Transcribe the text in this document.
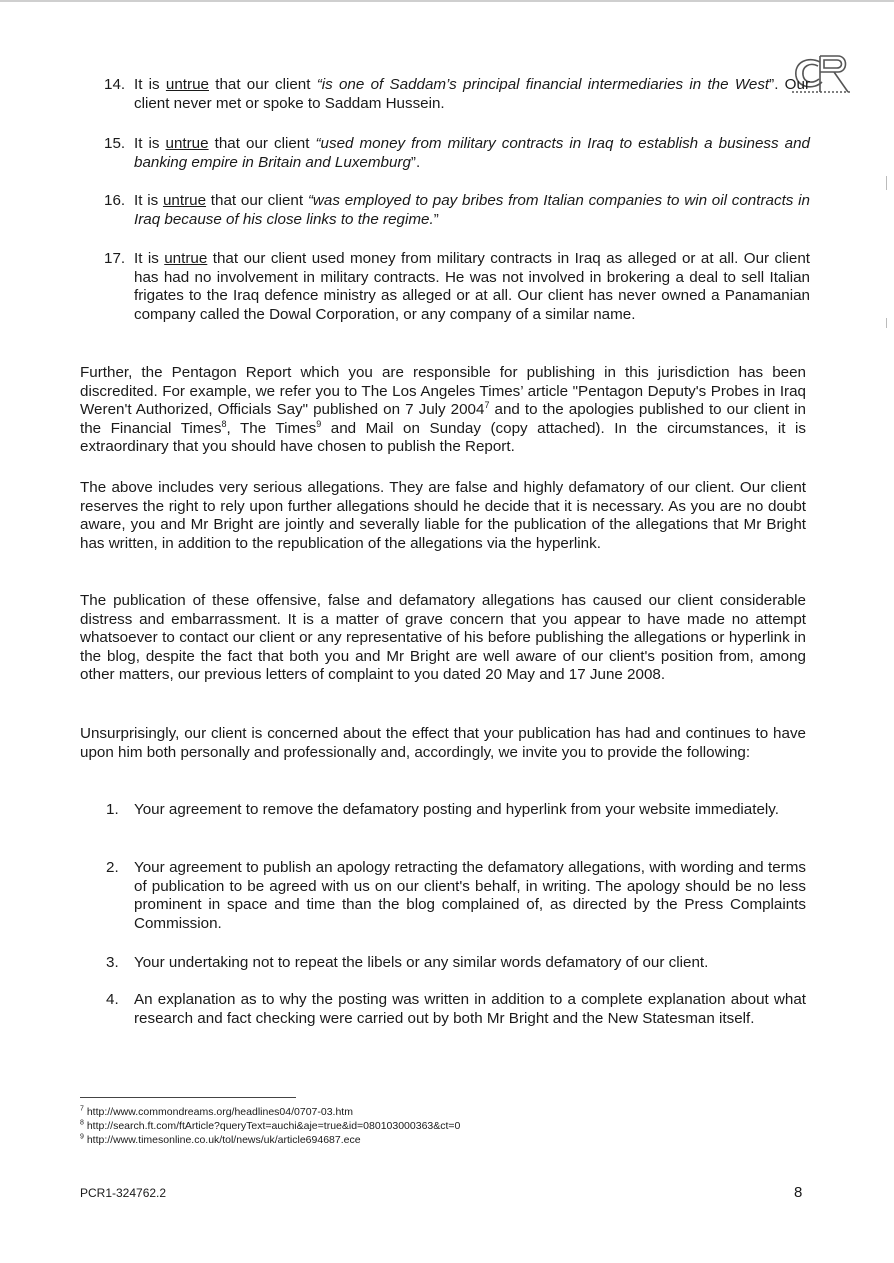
14. It is untrue that our client “is one of Saddam’s principal financial intermediaries in the West”. Our client never met or spoke to Saddam Hussein.
15. It is untrue that our client “used money from military contracts in Iraq to establish a business and banking empire in Britain and Luxemburg”.
16. It is untrue that our client “was employed to pay bribes from Italian companies to win oil contracts in Iraq because of his close links to the regime.”
17. It is untrue that our client used money from military contracts in Iraq as alleged or at all. Our client has had no involvement in military contracts. He was not involved in brokering a deal to sell Italian frigates to the Iraq defence ministry as alleged or at all. Our client has never owned a Panamanian company called the Dowal Corporation, or any company of a similar name.
Further, the Pentagon Report which you are responsible for publishing in this jurisdiction has been discredited. For example, we refer you to The Los Angeles Times’ article "Pentagon Deputy's Probes in Iraq Weren't Authorized, Officials Say" published on 7 July 2004$^7$ and to the apologies published to our client in the Financial Times$^8$, The Times$^9$ and Mail on Sunday (copy attached). In the circumstances, it is extraordinary that you should have chosen to publish the Report.
The above includes very serious allegations. They are false and highly defamatory of our client. Our client reserves the right to rely upon further allegations should he decide that it is necessary. As you are no doubt aware, you and Mr Bright are jointly and severally liable for the publication of the allegations that Mr Bright has written, in addition to the republication of the allegations via the hyperlink.
The publication of these offensive, false and defamatory allegations has caused our client considerable distress and embarrassment. It is a matter of grave concern that you appear to have made no attempt whatsoever to contact our client or any representative of his before publishing the allegations or hyperlink in the blog, despite the fact that both you and Mr Bright are well aware of our client's position from, among other matters, our previous letters of complaint to you dated 20 May and 17 June 2008.
Unsurprisingly, our client is concerned about the effect that your publication has had and continues to have upon him both personally and professionally and, accordingly, we invite you to provide the following:
1.	Your agreement to remove the defamatory posting and hyperlink from your website immediately.
2.	Your agreement to publish an apology retracting the defamatory allegations, with wording and terms of publication to be agreed with us on our client's behalf, in writing. The apology should be no less prominent in space and time than the blog complained of, as directed by the Press Complaints Commission.
3.	Your undertaking not to repeat the libels or any similar words defamatory of our client.
4.	An explanation as to why the posting was written in addition to a complete explanation about what research and fact checking were carried out by both Mr Bright and the New Statesman itself.
$^7$ http://www.commondreams.org/headlines04/0707-03.htm
$^8$ http://search.ft.com/ftArticle?queryText=auchi&aje=true&id=080103000363&ct=0
$^9$ http://www.timesonline.co.uk/tol/news/uk/article694687.ece
PCR1-324762.2	8
